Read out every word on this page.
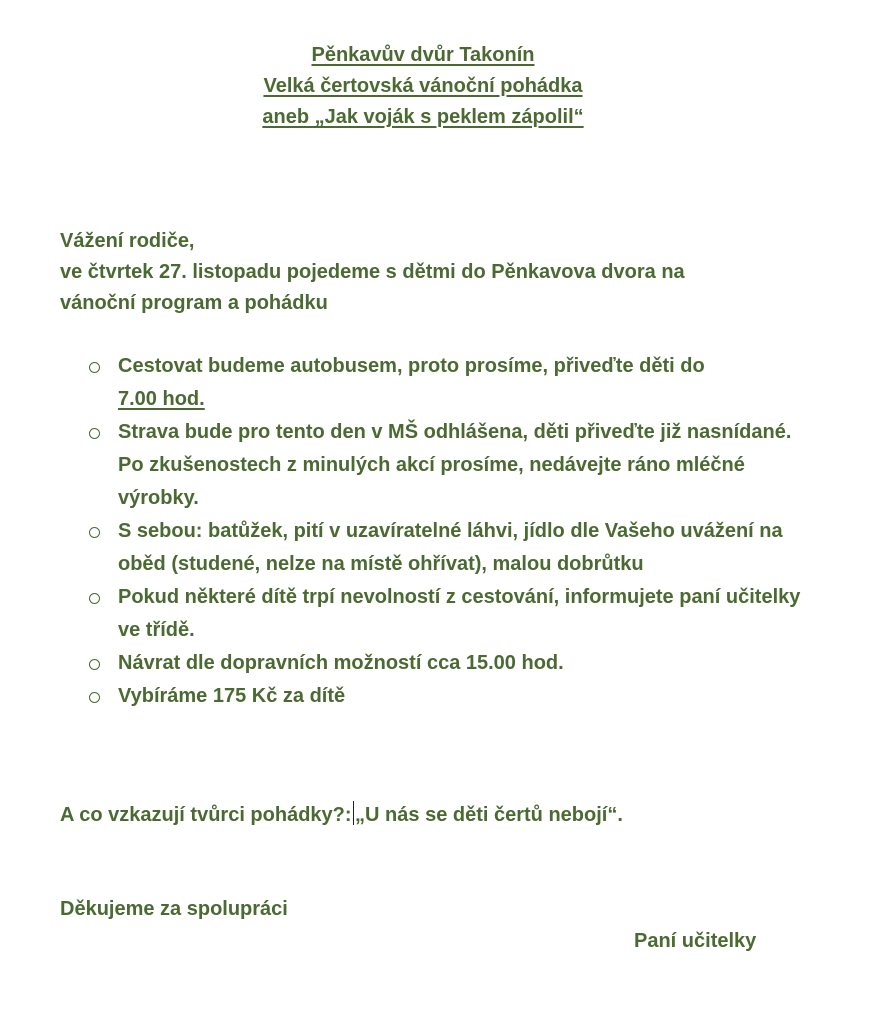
Pěnkavův dvůr Takonín
Velká čertovská vánoční pohádka
aneb „Jak voják s peklem zápolil“
Vážení rodiče,
ve čtvrtek 27. listopadu pojedeme s dětmi do Pěnkavova dvora na
vánoční program a pohádku
Cestovat budeme autobusem, proto prosíme, přiveďte děti do
7.00 hod.
Strava bude pro tento den v MŠ odhlášena, děti přiveďte již nasnídané. Po zkušenostech z minulých akcí prosíme, nedávejte ráno mléčné výrobky.
S sebou: batůžek, pití v uzavíratelné láhvi, jídlo dle Vašeho uvážení na oběd (studené, nelze na místě ohřívat), malou dobrůtku
Pokud některé dítě trpí nevolností z cestování, informujete paní učitelky ve třídě.
Návrat dle dopravních možností cca 15.00 hod.
Vybíráme 175 Kč za dítě
A co vzkazují tvůrci pohádky?: „U nás se děti čertů nebojí“.
Děkujeme za spolupráci
Paní učitelky
